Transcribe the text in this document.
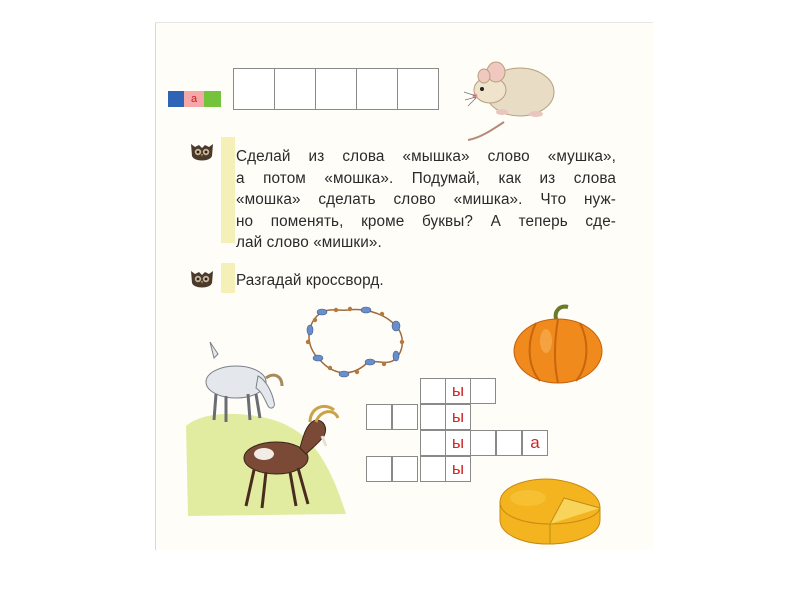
а
Сделай из слова «мышка» слово «мушка»,
а потом «мошка». Подумай, как из слова
«мошка» сделать слово «мишка». Что нуж-
но поменять, кроме буквы? А теперь сде-
лай слово «мишки».
Разгадай кроссворд.
ы
ы
ы	а
ы
